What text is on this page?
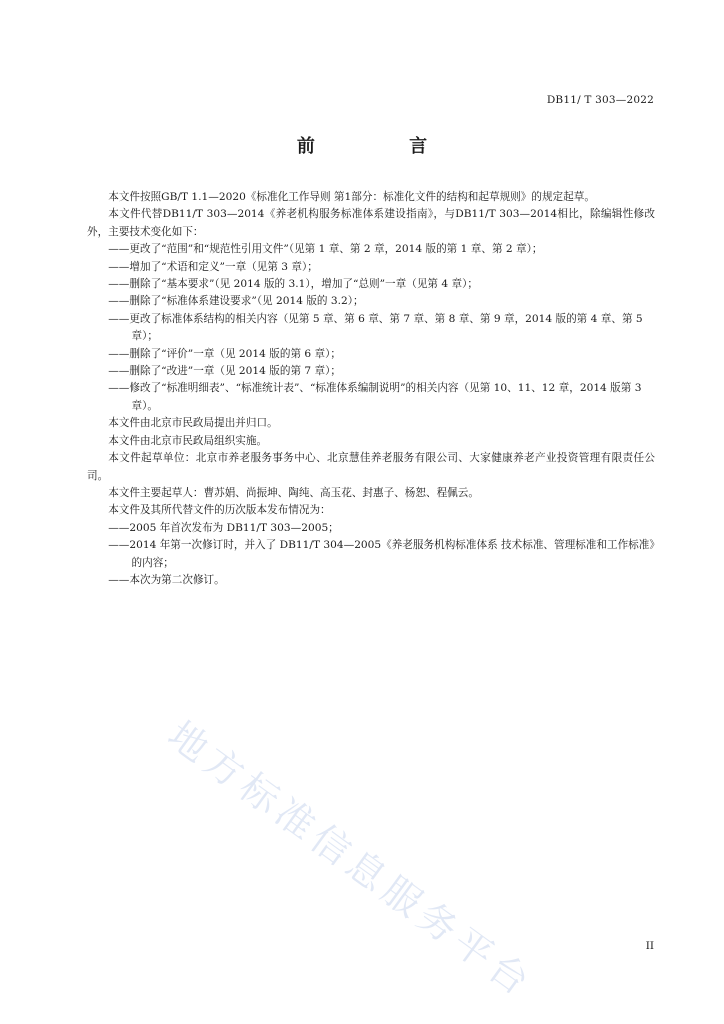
DB11/ T 303—2022
前 言

本文件按照GB/T 1.1—2020《标准化工作导则 第1部分：标准化文件的结构和起草规则》的规定起草。

本文件代替DB11/T 303—2014《养老机构服务标准体系建设指南》，与DB11/T 303—2014相比，除编辑性修改外，主要技术变化如下：

——更改了“范围”和“规范性引用文件”（见第 1 章、第 2 章，2014 版的第 1 章、第 2 章）；

——增加了“术语和定义”一章（见第 3 章）；

——删除了“基本要求”（见 2014 版的 3.1），增加了“总则”一章（见第 4 章）；

——删除了“标准体系建设要求”（见 2014 版的 3.2）；

——更改了标准体系结构的相关内容（见第 5 章、第 6 章、第 7 章、第 8 章、第 9 章，2014 版的第 4 章、第 5 章）；

——删除了“评价”一章（见 2014 版的第 6 章）；

——删除了“改进”一章（见 2014 版的第 7 章）；

——修改了“标准明细表”、“标准统计表”、“标准体系编制说明”的相关内容（见第 10、11、12 章，2014 版第 3 章）。

本文件由北京市民政局提出并归口。

本文件由北京市民政局组织实施。

本文件起草单位：北京市养老服务事务中心、北京慧佳养老服务有限公司、大家健康养老产业投资管理有限责任公司。

本文件主要起草人：曹苏娟、尚振坤、陶纯、高玉花、封惠子、杨恕、程佩云。

本文件及其所代替文件的历次版本发布情况为：

——2005 年首次发布为 DB11/T 303—2005；

——2014 年第一次修订时，并入了 DB11/T 304—2005《养老服务机构标准体系 技术标准、管理标准和工作标准》的内容；

——本次为第二次修订。

地方标准信息服务平台	II
